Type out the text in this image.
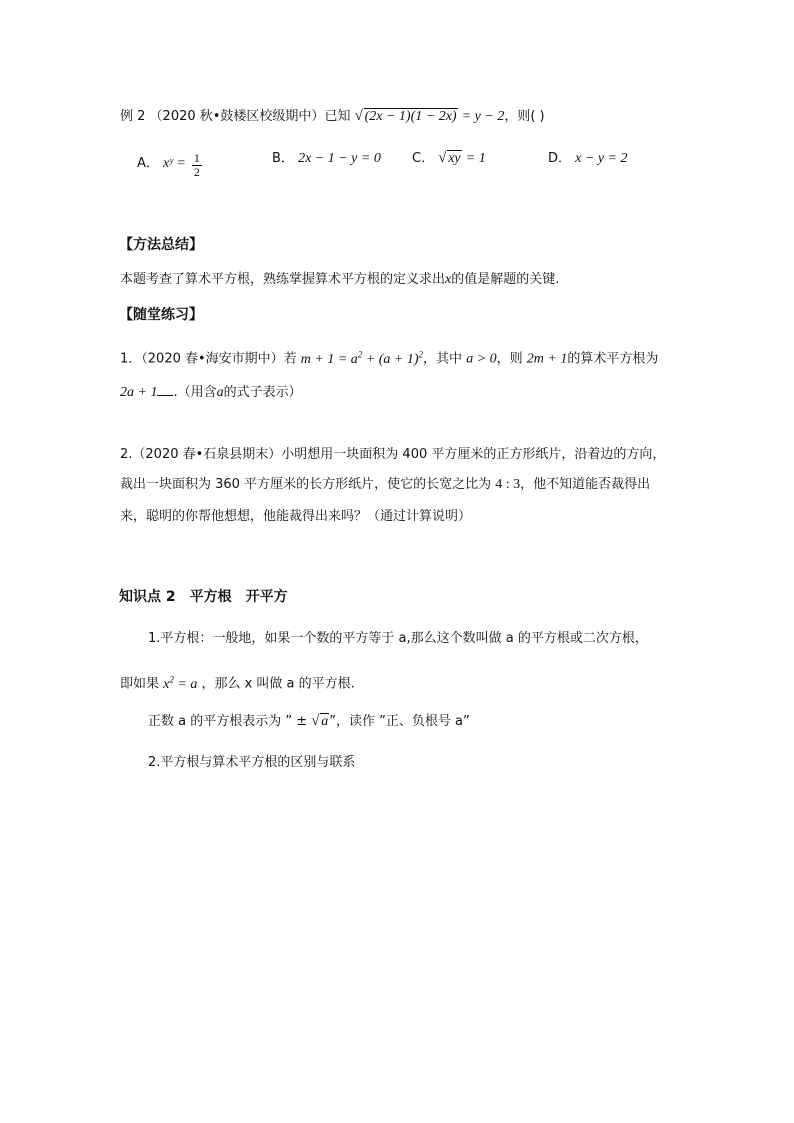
例 2 （2020 秋•鼓楼区校级期中）已知 √ (2x − 1)(1 − 2x) = y − 2，则( )
A． xʸ = $\frac{1}{2}$	B． 2x − 1 − y = 0 C． √ xy = 1	D． x − y = 2
【方法总结】
本题考查了算术平方根，熟练掌握算术平方根的定义求出x的值是解题的关键.
【随堂练习】
1．（2020 春•海安市期中）若 $m + 1 = a^2 + (a + 1)^2$，其中 a > 0，则 2m + 1的算术平方根为
2a + 1 .（用含a的式子表示）
2.（2020 春•石泉县期末）小明想用一块面积为 400 平方厘米的正方形纸片，沿着边的方向，
裁出一块面积为 360 平方厘米的长方形纸片，使它的长宽之比为 4 : 3，他不知道能否裁得出
来，聪明的你帮他想想，他能裁得出来吗？（通过计算说明）
知识点 2　平方根　开平方
1.平方根：一般地，如果一个数的平方等于 a,那么这个数叫做 a 的平方根或二次方根，
即如果 $x^2 = a$ ，那么 x 叫做 a 的平方根.
正数 a 的平方根表示为 ” ± √ a”，读作 ”正、负根号 a”
2.平方根与算术平方根的区别与联系
